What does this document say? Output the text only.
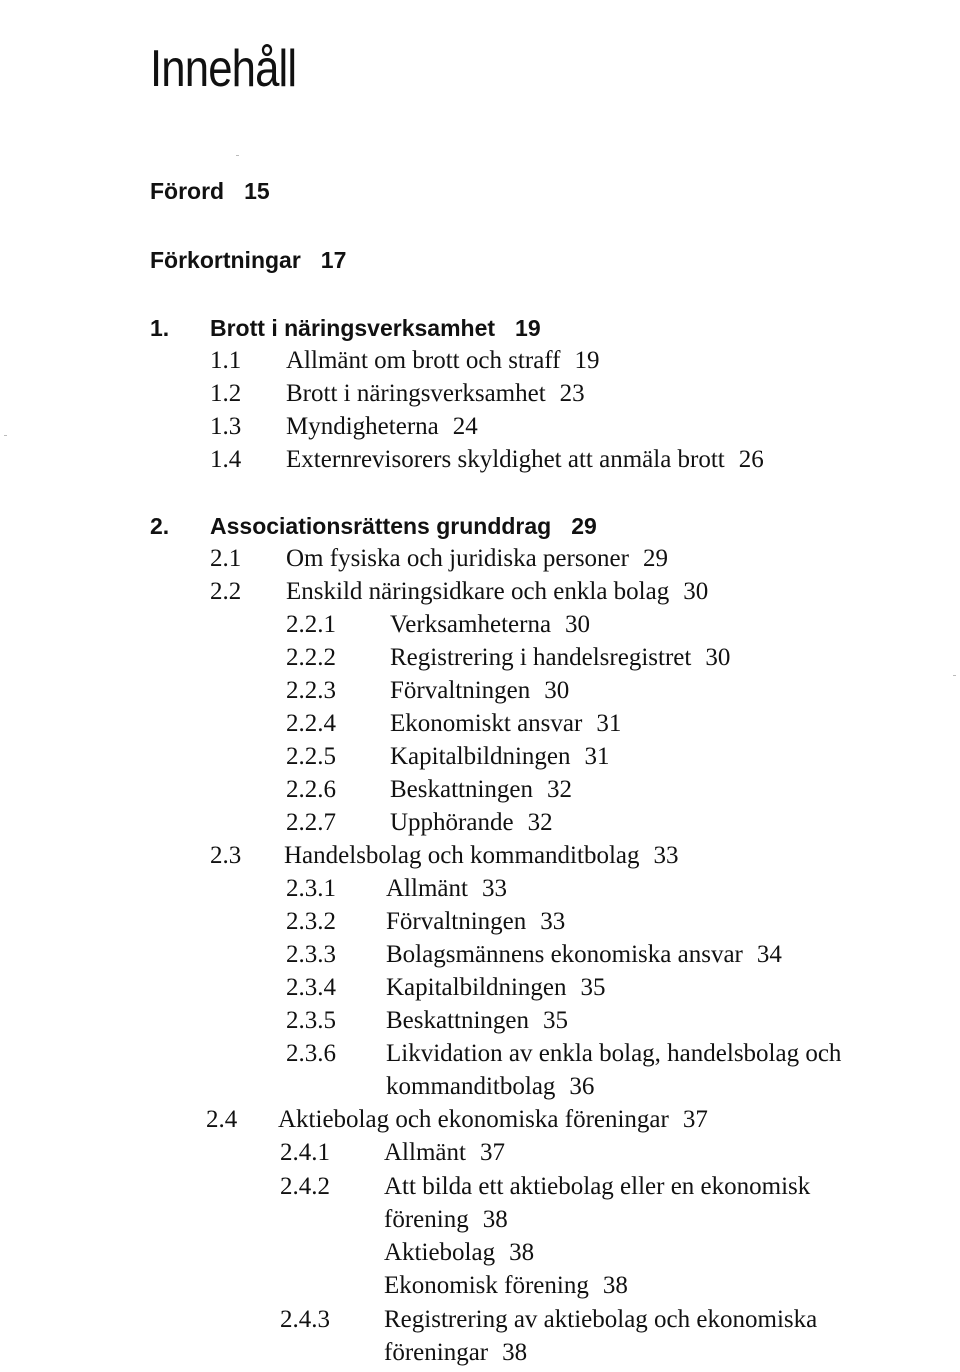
Innehåll
Förord 15
Förkortningar 17
1. Brott i näringsverksamhet 19
1.1 Allmänt om brott och straff 19
1.2 Brott i näringsverksamhet 23
1.3 Myndigheterna 24
1.4 Externrevisorers skyldighet att anmäla brott 26
2. Associationsrättens grunddrag 29
2.1 Om fysiska och juridiska personer 29
2.2 Enskild näringsidkare och enkla bolag 30
2.2.1 Verksamheterna 30
2.2.2 Registrering i handelsregistret 30
2.2.3 Förvaltningen 30
2.2.4 Ekonomiskt ansvar 31
2.2.5 Kapitalbildningen 31
2.2.6 Beskattningen 32
2.2.7 Upphörande 32
2.3 Handelsbolag och kommanditbolag 33
2.3.1 Allmänt 33
2.3.2 Förvaltningen 33
2.3.3 Bolagsmännens ekonomiska ansvar 34
2.3.4 Kapitalbildningen 35
2.3.5 Beskattningen 35
2.3.6 Likvidation av enkla bolag, handelsbolag och
kommanditbolag 36
2.4 Aktiebolag och ekonomiska föreningar 37
2.4.1 Allmänt 37
2.4.2 Att bilda ett aktiebolag eller en ekonomisk
förening 38
Aktiebolag 38
Ekonomisk förening 38
2.4.3 Registrering av aktiebolag och ekonomiska
föreningar 38
